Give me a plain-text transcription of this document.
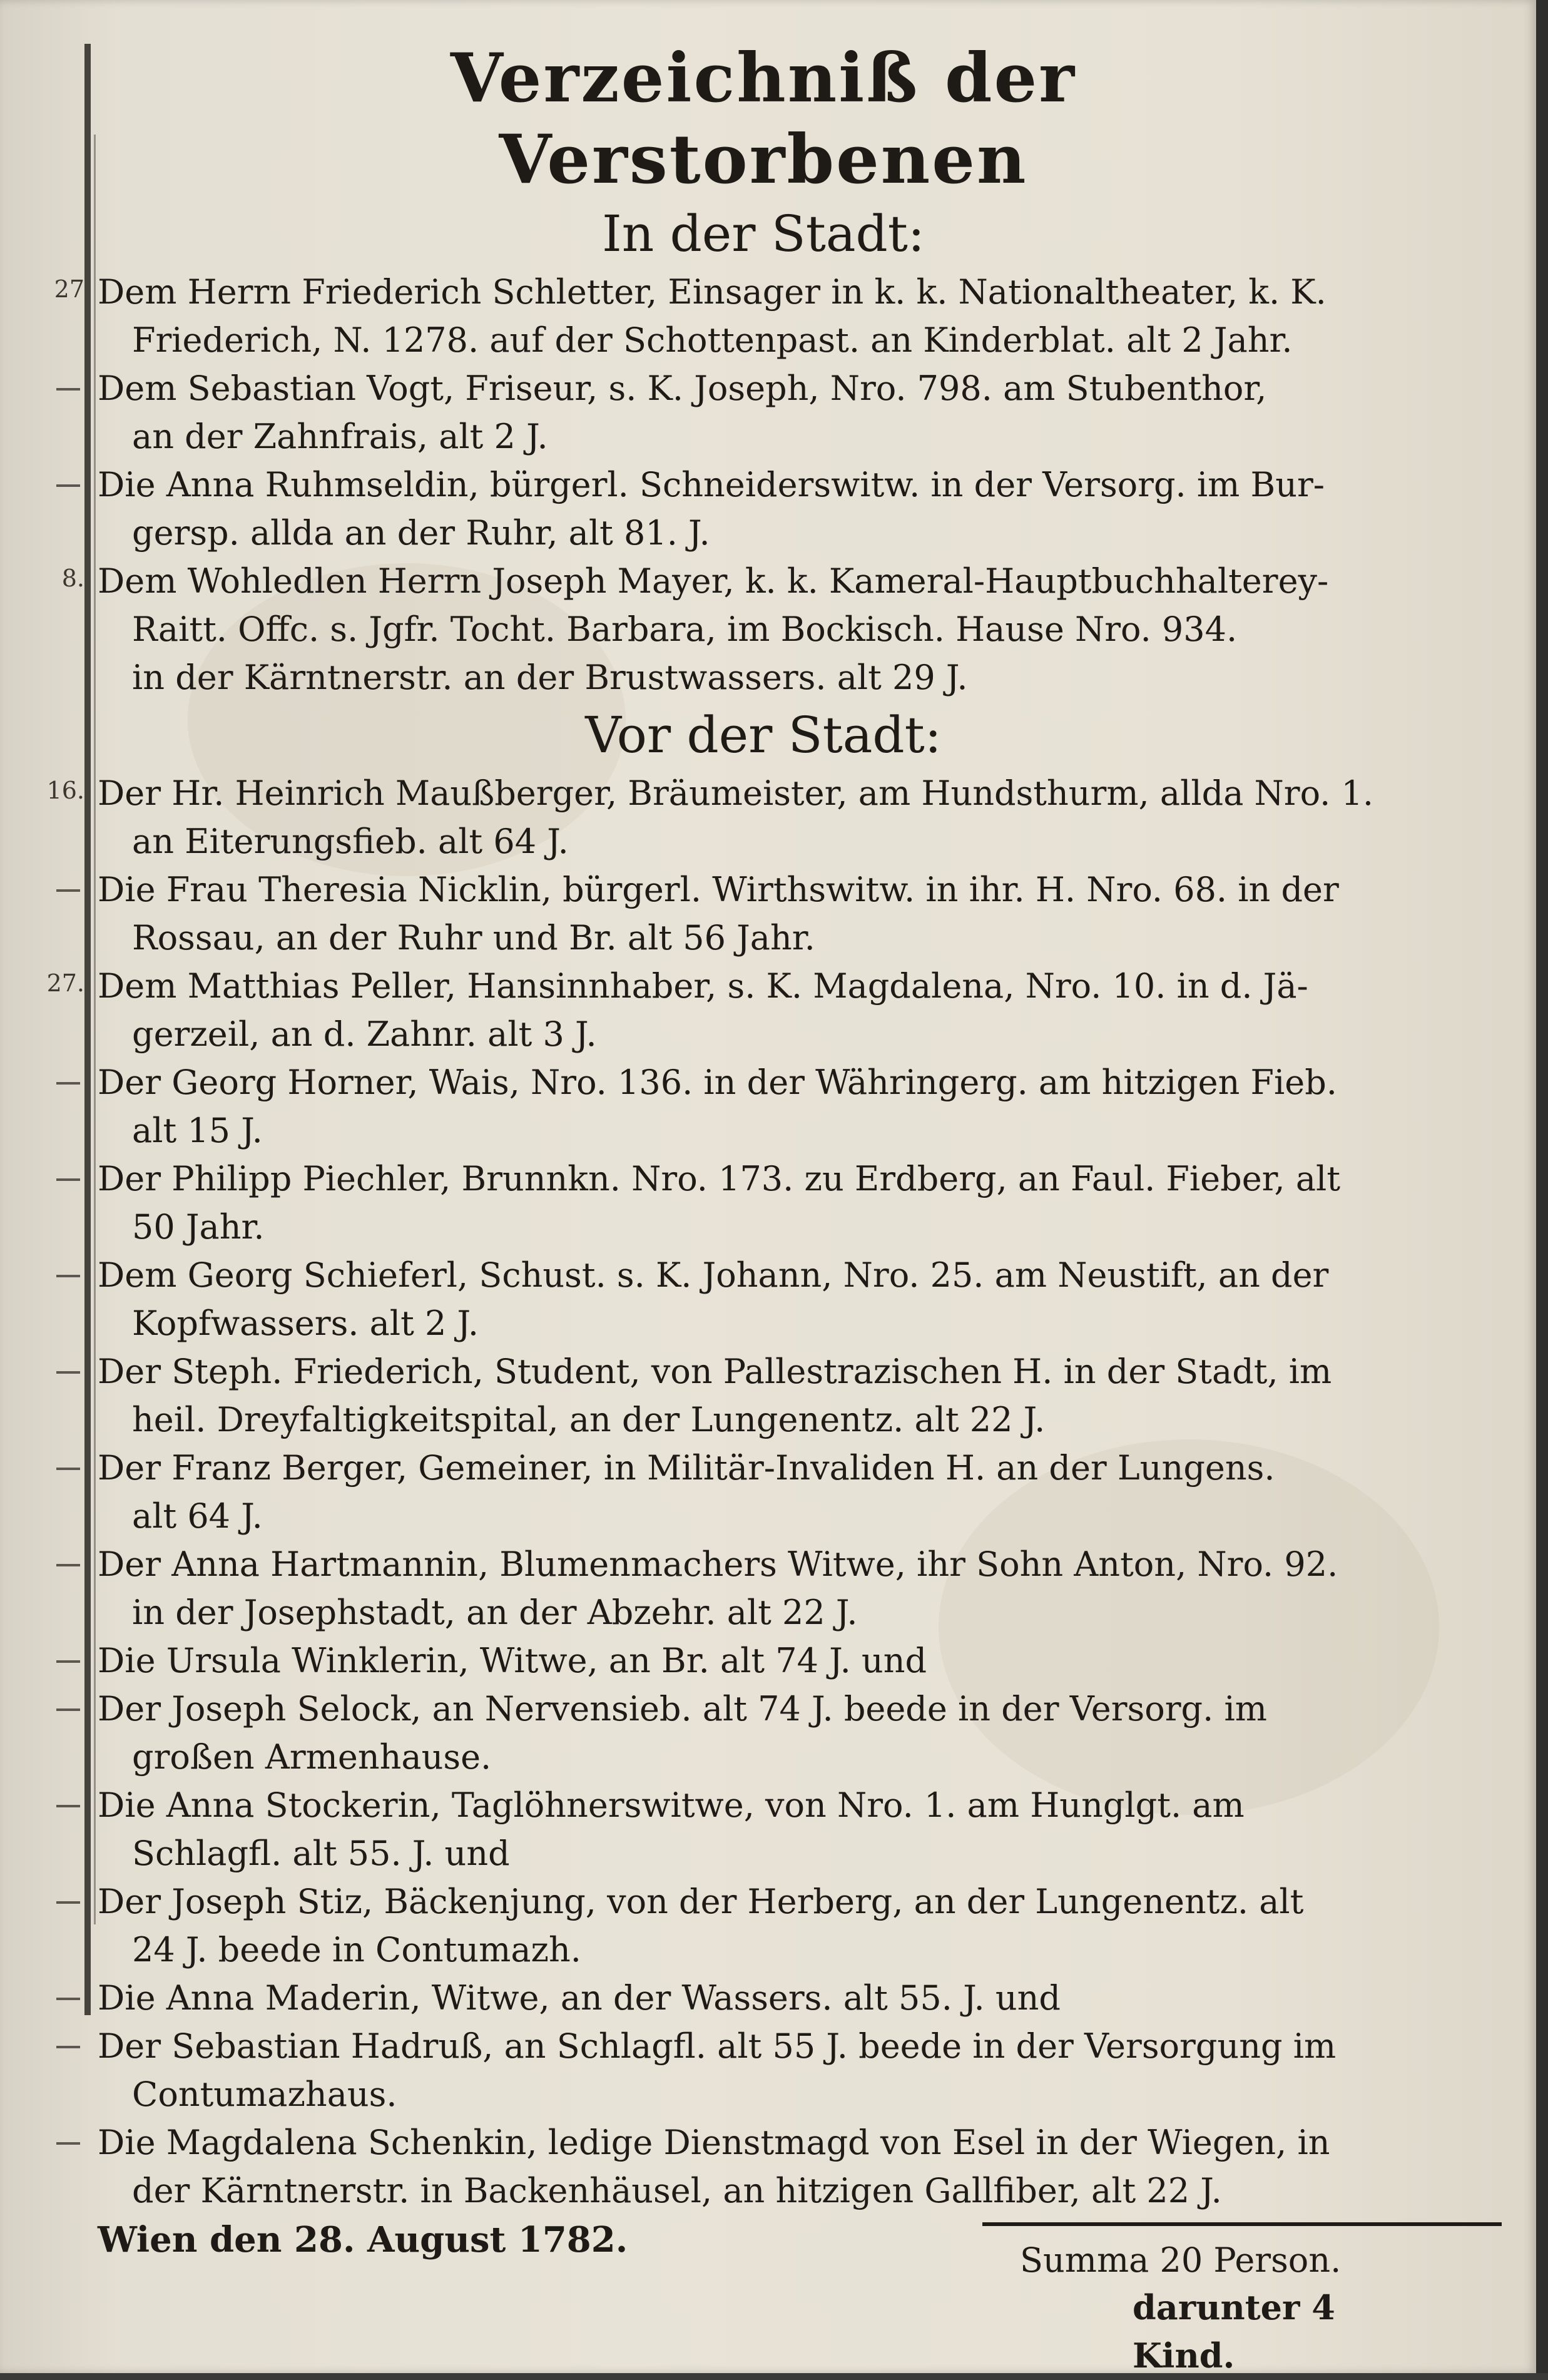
Verzeichniß der Verstorbenen
In der Stadt:
Dem Herrn Friederich Schletter, Einsager in k. k. Nationaltheater, k. K.
Friederich, N. 1278. auf der Schottenpast. an Kinderblat. alt 2 Jahr.
Dem Sebastian Vogt, Friseur, s. K. Joseph, Nro. 798. am Stubenthor,
an der Zahnfrais, alt 2 J.
Die Anna Ruhmseldin, bürgerl. Schneiderswitw. in der Versorg. im Bur-
gersp. allda an der Ruhr, alt 81. J.
Dem Wohledlen Herrn Joseph Mayer, k. k. Kameral-Hauptbuchhalterey-
Raitt. Offc. s. Jgfr. Tocht. Barbara, im Bockisch. Hause Nro. 934.
in der Kärntnerstr. an der Brustwassers. alt 29 J.
Vor der Stadt:
Der Hr. Heinrich Maußberger, Bräumeister, am Hundsthurm, allda Nro. 1.
an Eiterungsfieb. alt 64 J.
Die Frau Theresia Nicklin, bürgerl. Wirthswitw. in ihr. H. Nro. 68. in der
Rossau, an der Ruhr und Br. alt 56 Jahr.
Dem Matthias Peller, Hansinnhaber, s. K. Magdalena, Nro. 10. in d. Jä-
gerzeil, an d. Zahnr. alt 3 J.
Der Georg Horner, Wais, Nro. 136. in der Währingerg. am hitzigen Fieb.
alt 15 J.
Der Philipp Piechler, Brunnkn. Nro. 173. zu Erdberg, an Faul. Fieber, alt
50 Jahr.
Dem Georg Schieferl, Schust. s. K. Johann, Nro. 25. am Neustift, an der
Kopfwassers. alt 2 J.
Der Steph. Friederich, Student, von Pallestrazischen H. in der Stadt, im
heil. Dreyfaltigkeitspital, an der Lungenentz. alt 22 J.
Der Franz Berger, Gemeiner, in Militär-Invaliden H. an der Lungens.
alt 64 J.
Der Anna Hartmannin, Blumenmachers Witwe, ihr Sohn Anton, Nro. 92.
in der Josephstadt, an der Abzehr. alt 22 J.
Die Ursula Winklerin, Witwe, an Br. alt 74 J. und
Der Joseph Selock, an Nervensieb. alt 74 J. beede in der Versorg. im
großen Armenhause.
Die Anna Stockerin, Taglöhnerswitwe, von Nro. 1. am Hunglgt. am
Schlagfl. alt 55. J. und
Der Joseph Stiz, Bäckenjung, von der Herberg, an der Lungenentz. alt
24 J. beede in Contumazh.
Die Anna Maderin, Witwe, an der Wassers. alt 55. J. und
Der Sebastian Hadruß, an Schlagfl. alt 55 J. beede in der Versorgung im
Contumazhaus.
Die Magdalena Schenkin, ledige Dienstmagd von Esel in der Wiegen, in
der Kärntnerstr. in Backenhäusel, an hitzigen Gallfiber, alt 22 J.
Wien den 28. August 1782.	Summa 20 Person.
darunter 4 Kind.
27
8.
16.
27.
